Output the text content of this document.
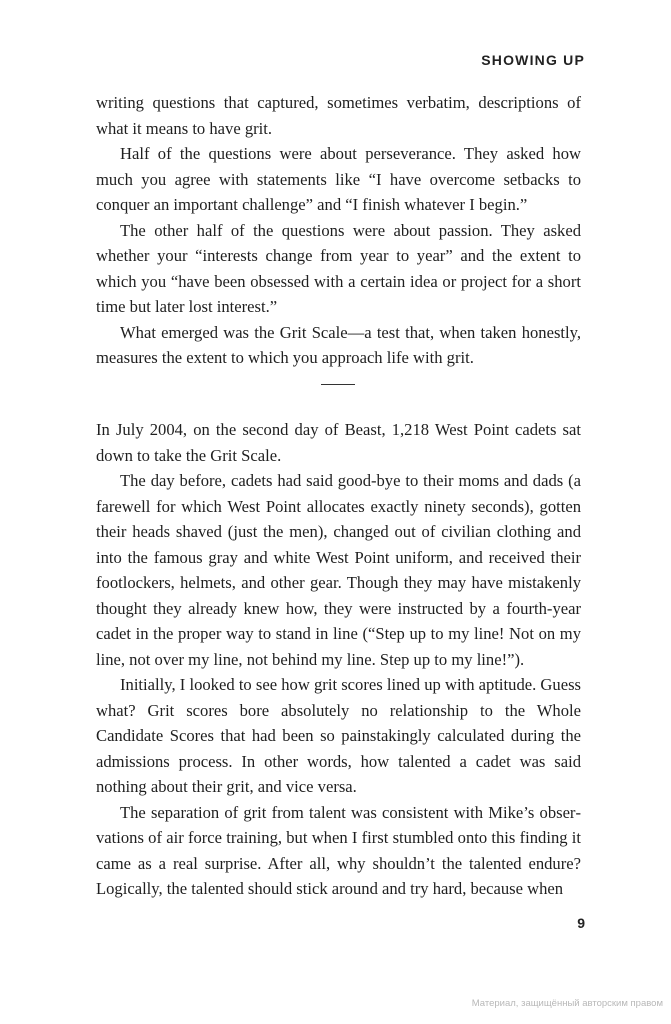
SHOWING UP

writing questions that captured, sometimes verbatim, descriptions of what it means to have grit.

Half of the questions were about perseverance. They asked how much you agree with statements like “I have overcome setbacks to conquer an important challenge” and “I finish whatever I begin.”

The other half of the questions were about passion. They asked whether your “interests change from year to year” and the extent to which you “have been obsessed with a certain idea or project for a short time but later lost interest.”

What emerged was the Grit Scale—a test that, when taken honestly, measures the extent to which you approach life with grit.

In July 2004, on the second day of Beast, 1,218 West Point cadets sat down to take the Grit Scale.

The day before, cadets had said good-bye to their moms and dads (a farewell for which West Point allocates exactly ninety seconds), gotten their heads shaved (just the men), changed out of civilian clothing and into the famous gray and white West Point uniform, and received their footlockers, helmets, and other gear. Though they may have mistakenly thought they already knew how, they were instructed by a fourth-year cadet in the proper way to stand in line (“Step up to my line! Not on my line, not over my line, not behind my line. Step up to my line!”).

Initially, I looked to see how grit scores lined up with aptitude. Guess what? Grit scores bore absolutely no relationship to the Whole Candidate Scores that had been so painstakingly calculated during the admissions process. In other words, how talented a cadet was said nothing about their grit, and vice versa.

The separation of grit from talent was consistent with Mike’s observations of air force training, but when I first stumbled onto this finding it came as a real surprise. After all, why shouldn’t the talented endure? Logically, the talented should stick around and try hard, because when

9
Материал, защищённый авторским правом
